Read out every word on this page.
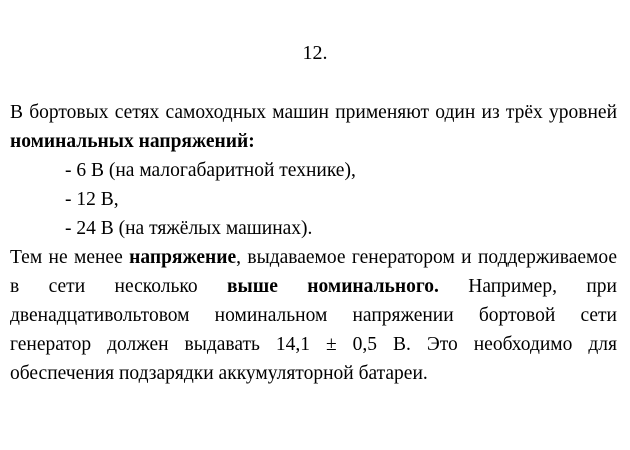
12.

В бортовых сетях самоходных машин применяют один из трёх уровней номинальных напряжений:

- 6 В (на малогабаритной технике),
- 12 В,
- 24 В (на тяжёлых машинах).

Тем не менее напряжение, выдаваемое генератором и поддерживаемое в сети несколько выше номинального. Например, при двенадцативольтовом номинальном напряжении бортовой сети генератор должен выдавать 14,1 ± 0,5 В. Это необходимо для обеспечения подзарядки аккумуляторной батареи.
